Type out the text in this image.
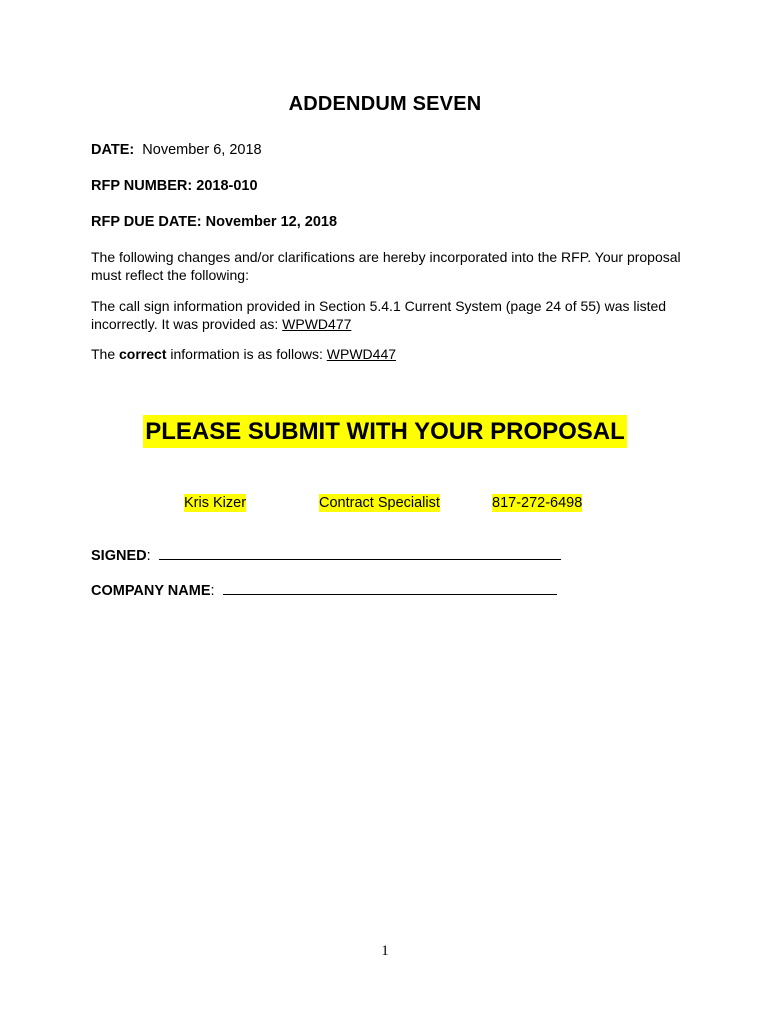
ADDENDUM SEVEN
DATE: November 6, 2018
RFP NUMBER: 2018-010
RFP DUE DATE: November 12, 2018
The following changes and/or clarifications are hereby incorporated into the RFP. Your proposal must reflect the following:
The call sign information provided in Section 5.4.1 Current System (page 24 of 55) was listed incorrectly. It was provided as: WPWD477
The correct information is as follows: WPWD447
PLEASE SUBMIT WITH YOUR PROPOSAL
Kris Kizer	Contract Specialist	817-272-6498
SIGNED:
COMPANY NAME:
1
